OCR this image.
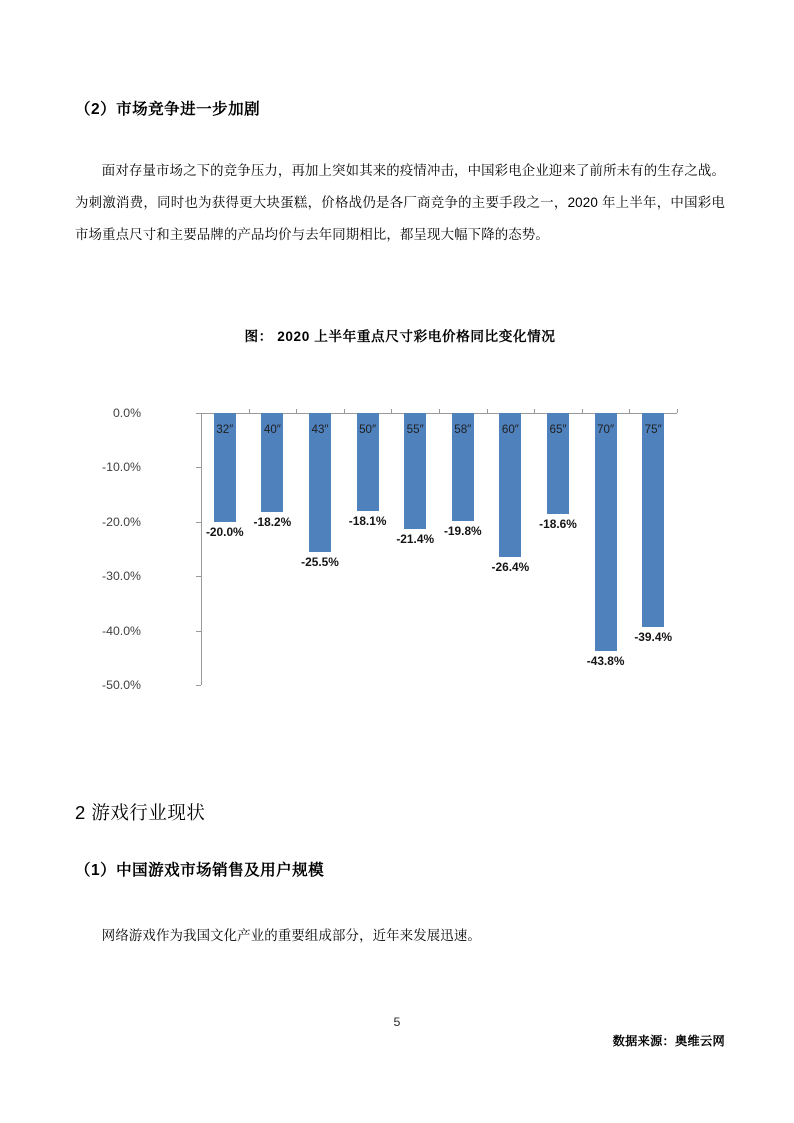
（2）市场竞争进一步加剧

面对存量市场之下的竞争压力，再加上突如其来的疫情冲击，中国彩电企业迎来了前所未有的生存之战。为刺激消费，同时也为获得更大块蛋糕，价格战仍是各厂商竞争的主要手段之一，2020 年上半年，中国彩电市场重点尺寸和主要品牌的产品均价与去年同期相比，都呈现大幅下降的态势。

图： 2020 上半年重点尺寸彩电价格同比变化情况
0.0%
-10.0%
-20.0%
-30.0%
-40.0%
-50.0%
32″
-20.0%
40″
-18.2%
43″
-25.5%
50″
-18.1%
55″
-21.4%
58″
-19.8%
60″
-26.4%
65″
-18.6%
70″
-43.8%
75″
-39.4%
数据来源：奥维云网
2 游戏行业现状
（1）中国游戏市场销售及用户规模

网络游戏作为我国文化产业的重要组成部分，近年来发展迅速。

5
